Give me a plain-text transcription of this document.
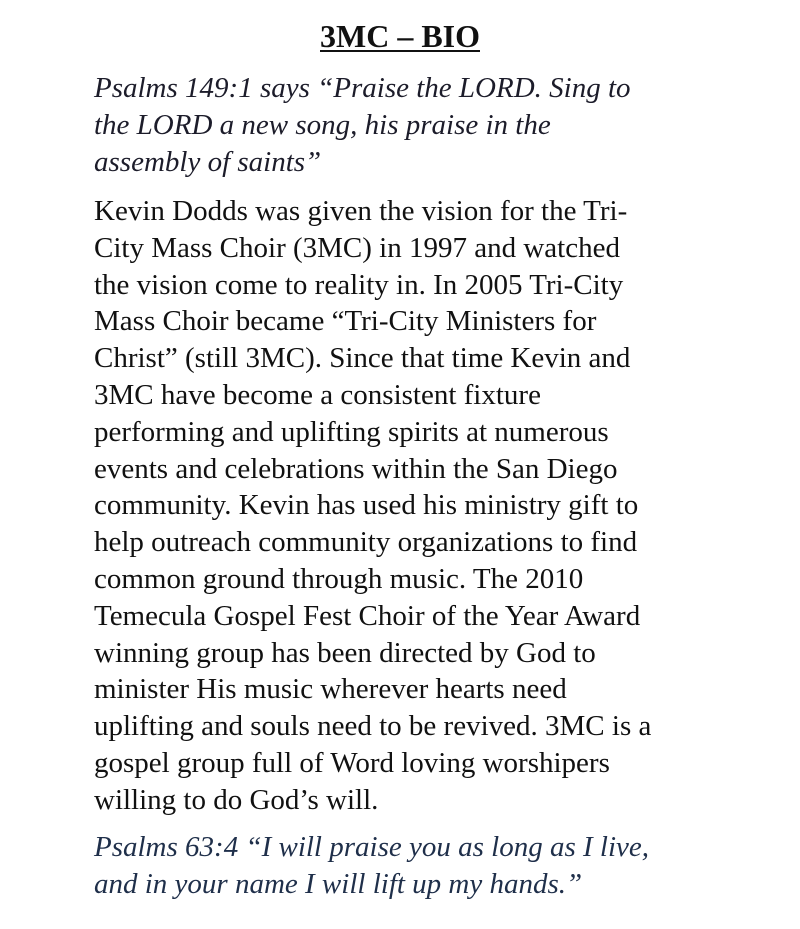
3MC – BIO

Psalms 149:1 says “Praise the LORD. Sing to
the LORD a new song, his praise in the
assembly of saints”

Kevin Dodds was given the vision for the Tri-
City Mass Choir (3MC) in 1997 and watched
the vision come to reality in. In 2005 Tri-City
Mass Choir became “Tri-City Ministers for
Christ” (still 3MC). Since that time Kevin and
3MC have become a consistent fixture
performing and uplifting spirits at numerous
events and celebrations within the San Diego
community. Kevin has used his ministry gift to
help outreach community organizations to find
common ground through music. The 2010
Temecula Gospel Fest Choir of the Year Award
winning group has been directed by God to
minister His music wherever hearts need
uplifting and souls need to be revived. 3MC is a
gospel group full of Word loving worshipers
willing to do God’s will.

Psalms 63:4 “I will praise you as long as I live,
and in your name I will lift up my hands.”
